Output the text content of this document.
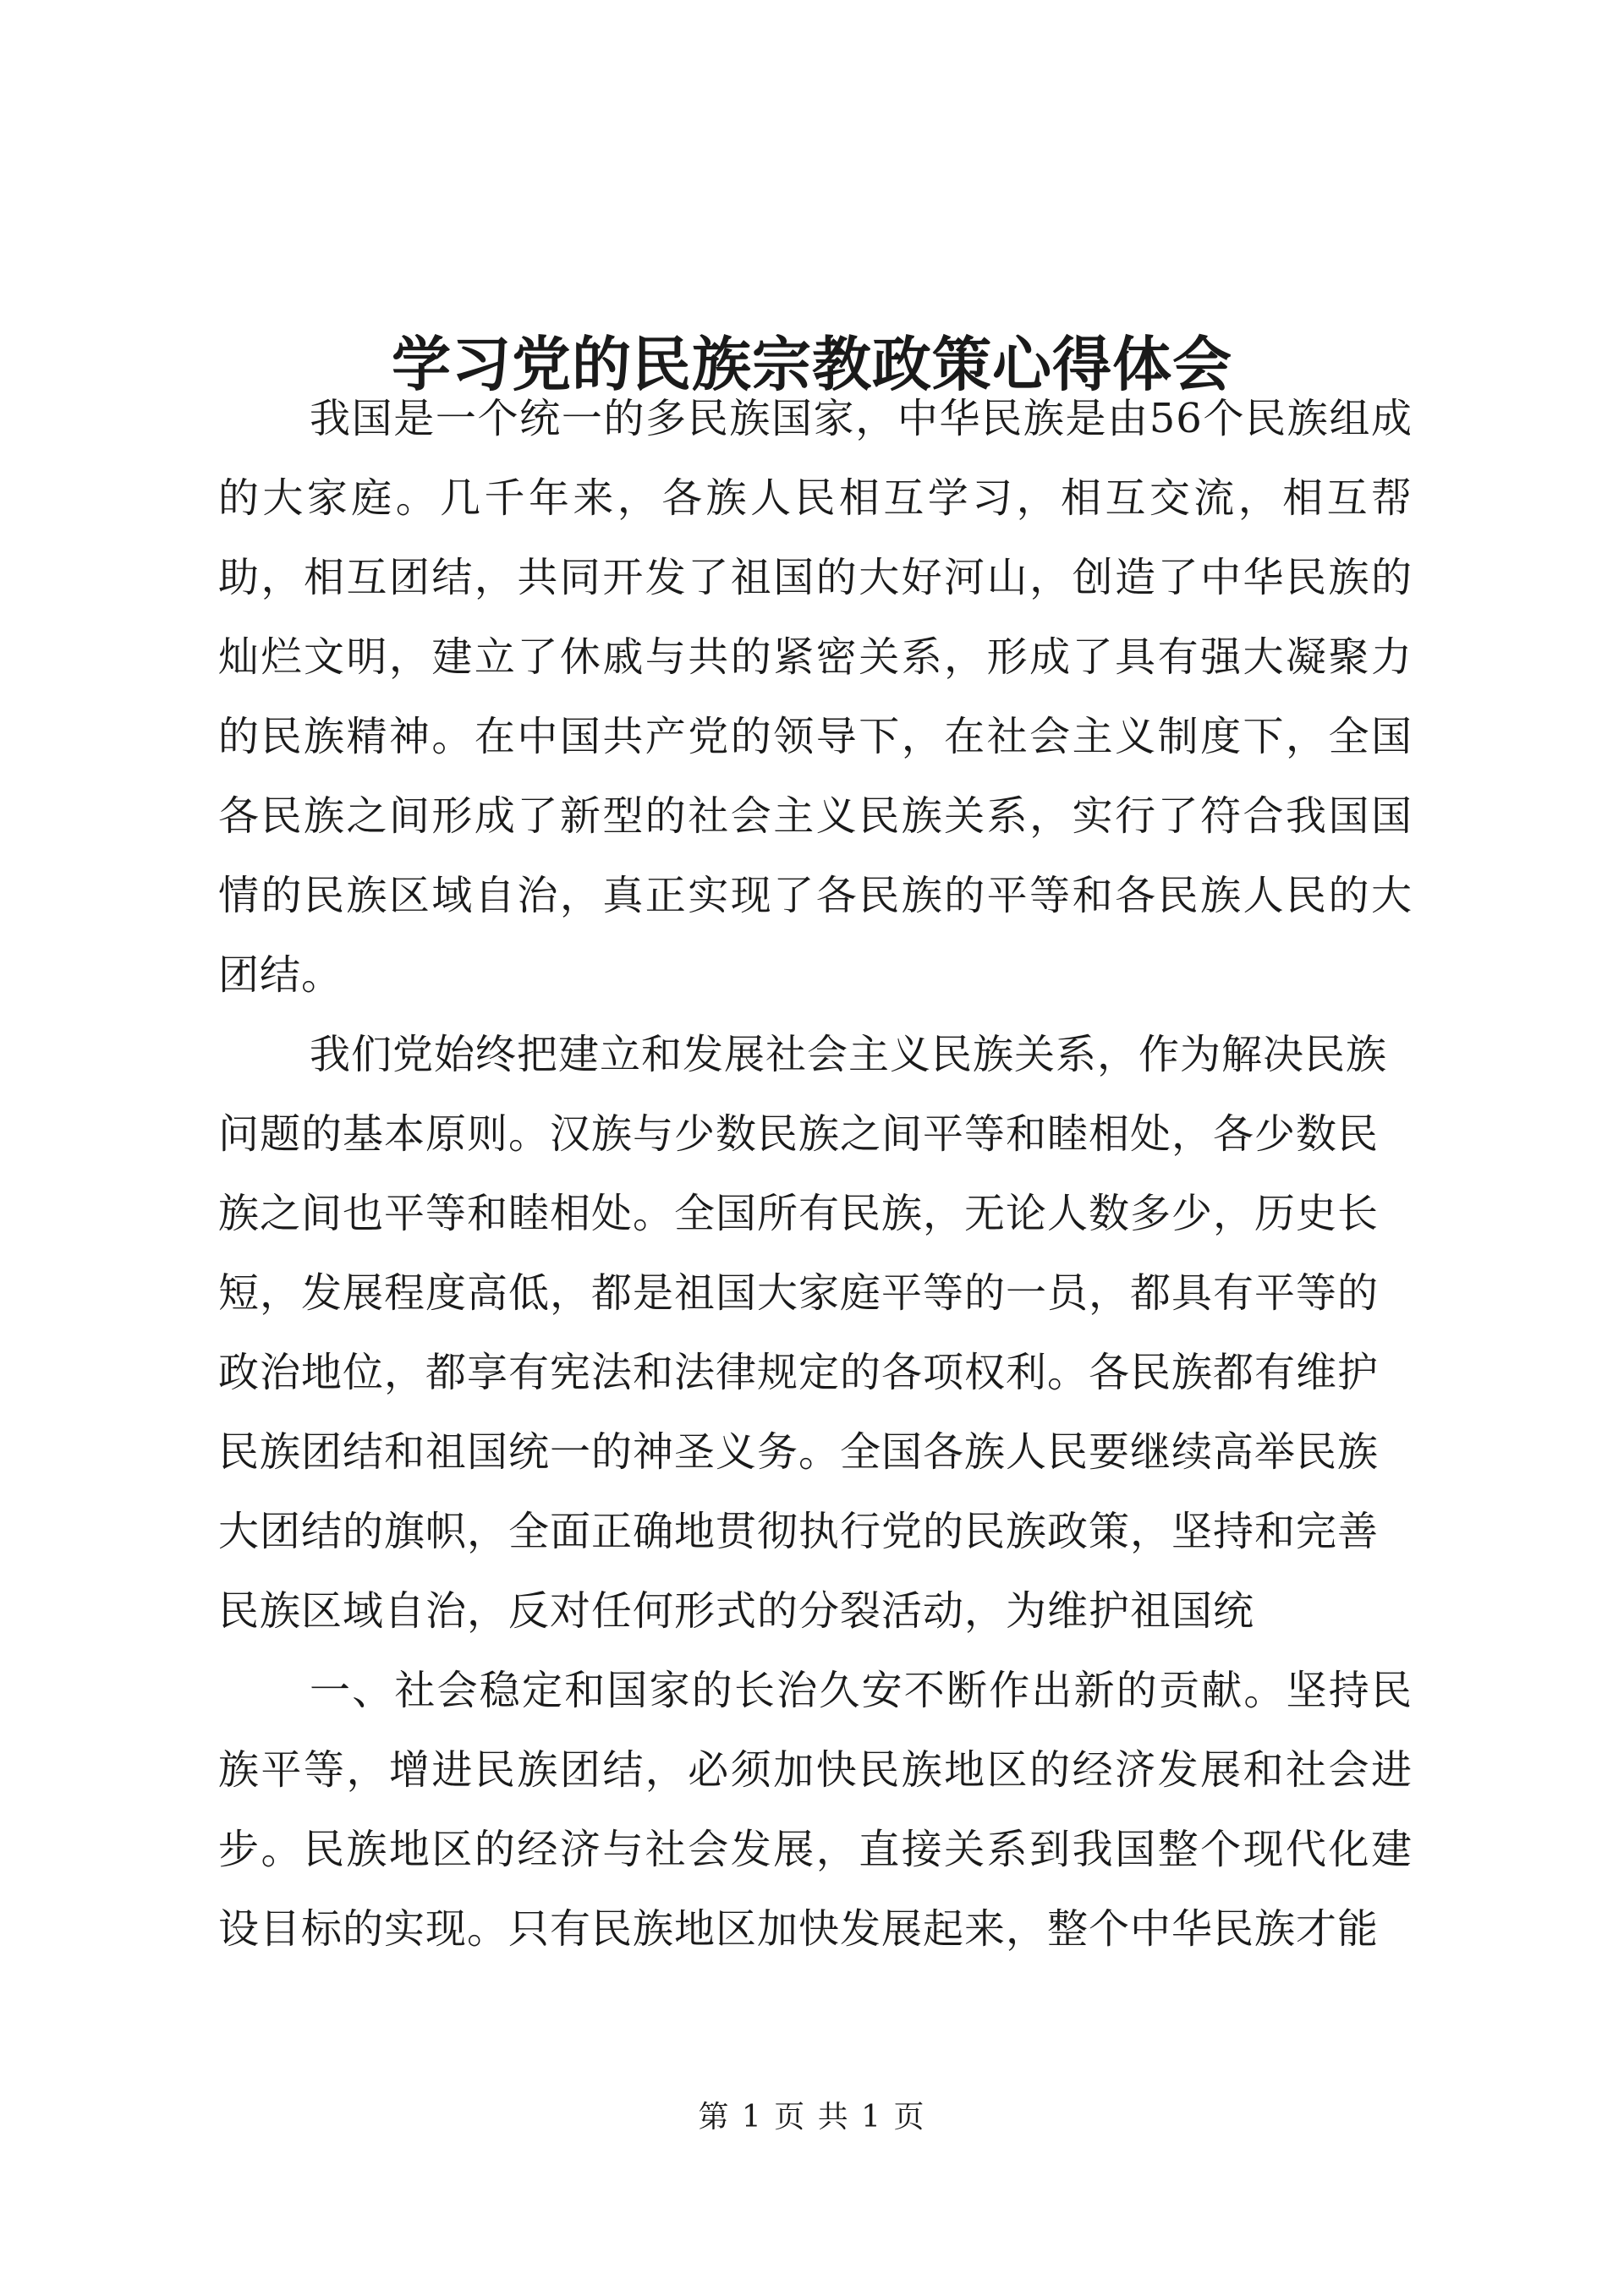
学习党的民族宗教政策心得体会

我国是一个统一的多民族国家，中华民族是由56个民族组成的大家庭。几千年来，各族人民相互学习，相互交流，相互帮助，相互团结，共同开发了祖国的大好河山，创造了中华民族的灿烂文明，建立了休戚与共的紧密关系，形成了具有强大凝聚力的民族精神。在中国共产党的领导下，在社会主义制度下，全国各民族之间形成了新型的社会主义民族关系，实行了符合我国国情的民族区域自治，真正实现了各民族的平等和各民族人民的大团结。

我们党始终把建立和发展社会主义民族关系，作为解决民族问题的基本原则。汉族与少数民族之间平等和睦相处，各少数民族之间也平等和睦相处。全国所有民族，无论人数多少，历史长短，发展程度高低，都是祖国大家庭平等的一员，都具有平等的政治地位，都享有宪法和法律规定的各项权利。各民族都有维护民族团结和祖国统一的神圣义务。全国各族人民要继续高举民族大团结的旗帜，全面正确地贯彻执行党的民族政策，坚持和完善民族区域自治，反对任何形式的分裂活动，为维护祖国统

一、社会稳定和国家的长治久安不断作出新的贡献。坚持民族平等，增进民族团结，必须加快民族地区的经济发展和社会进步。民族地区的经济与社会发展，直接关系到我国整个现代化建设目标的实现。只有民族地区加快发展起来，整个中华民族才能

第 1 页 共 1 页
